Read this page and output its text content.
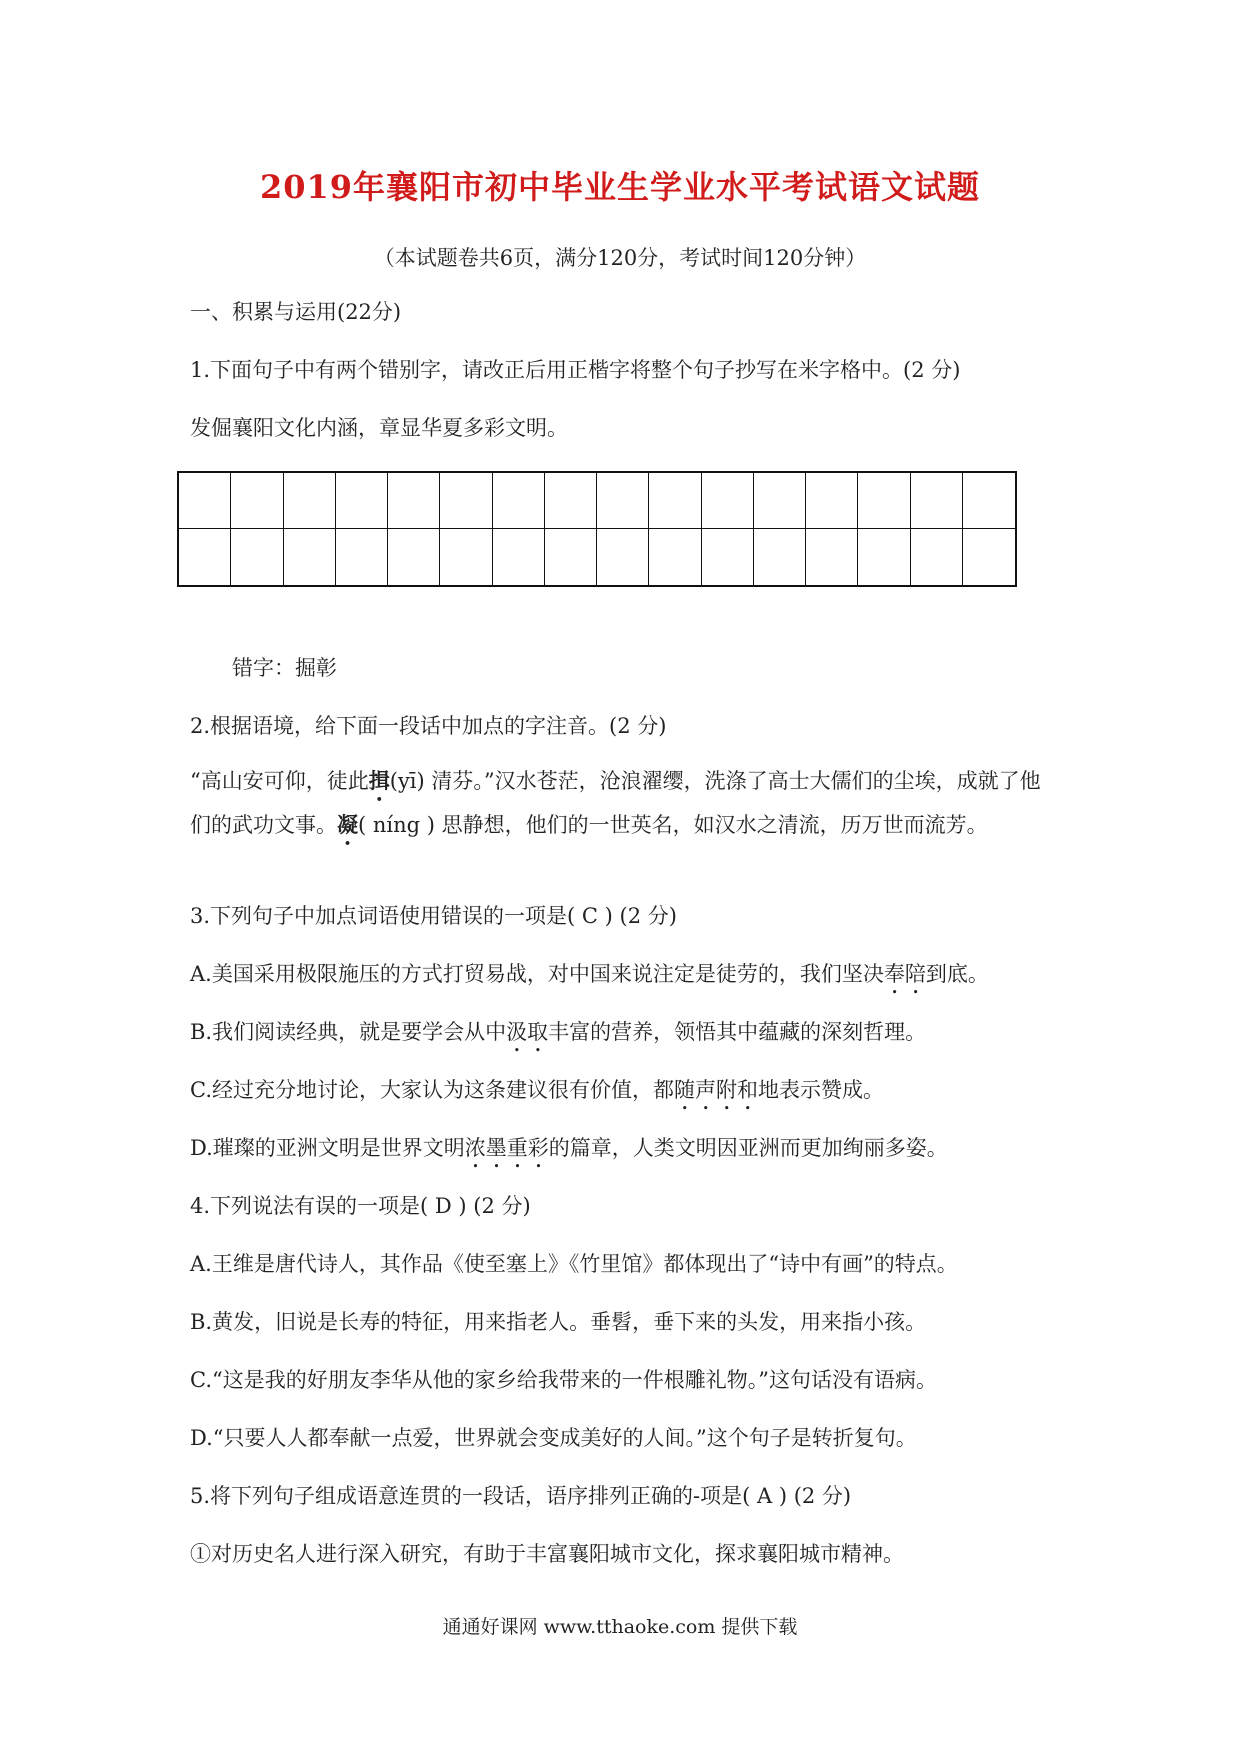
2019年襄阳市初中毕业生学业水平考试语文试题
（本试题卷共6页，满分120分，考试时间120分钟）
一、积累与运用(22分)
1.下面句子中有两个错别字，请改正后用正楷字将整个句子抄写在米字格中。(2 分)
发倔襄阳文化内涵，章显华夏多彩文明。
错字：掘彰
2.根据语境，给下面一段话中加点的字注音。(2 分)
“高山安可仰，徒此揖(yī) 清芬。”汉水苍茫，沧浪濯缨，洗涤了高士大儒们的尘埃，成就了他们的武功文事。凝( níng ) 思静想，他们的一世英名，如汉水之清流，历万世而流芳。
3.下列句子中加点词语使用错误的一项是( C ) (2 分)
A.美国采用极限施压的方式打贸易战，对中国来说注定是徒劳的，我们坚决奉陪到底。
B.我们阅读经典，就是要学会从中汲取丰富的营养，领悟其中蕴藏的深刻哲理。
C.经过充分地讨论，大家认为这条建议很有价值，都随声附和地表示赞成。
D.璀璨的亚洲文明是世界文明浓墨重彩的篇章，人类文明因亚洲而更加绚丽多姿。
4.下列说法有误的一项是( D ) (2 分)
A.王维是唐代诗人，其作品《使至塞上》《竹里馆》都体现出了“诗中有画”的特点。
B.黄发，旧说是长寿的特征，用来指老人。垂髫，垂下来的头发，用来指小孩。
C.“这是我的好朋友李华从他的家乡给我带来的一件根雕礼物。”这句话没有语病。
D.“只要人人都奉献一点爱，世界就会变成美好的人间。”这个句子是转折复句。
5.将下列句子组成语意连贯的一段话，语序排列正确的-项是( A ) (2 分)
①对历史名人进行深入研究，有助于丰富襄阳城市文化，探求襄阳城市精神。
通通好课网 www.tthaoke.com 提供下载
